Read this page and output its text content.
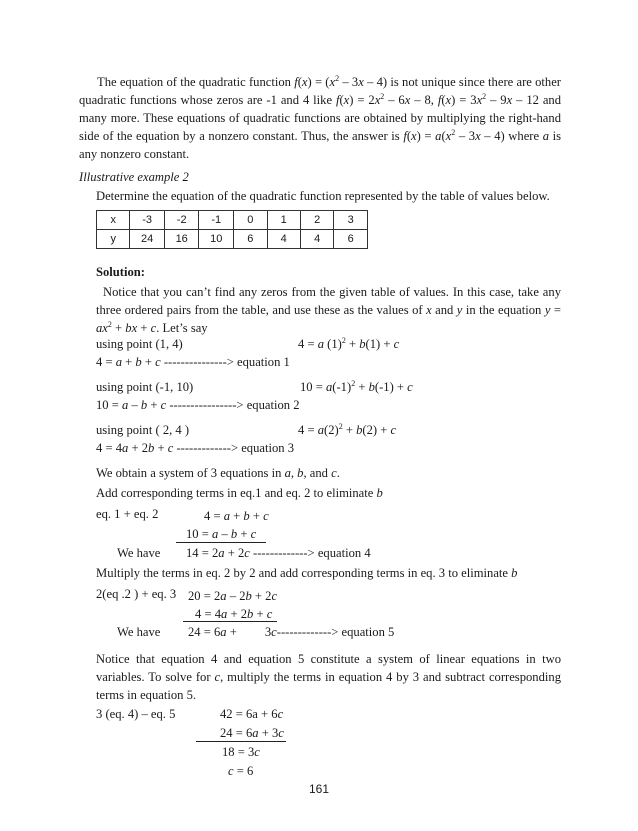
The equation of the quadratic function $f(x) = (x^2 - 3x - 4)$ is not unique since there are other quadratic functions whose zeros are -1 and 4 like $f(x) = 2x^2 - 6x - 8$, $f(x) = 3x^2 - 9x - 12$ and many more. These equations of quadratic functions are obtained by multiplying the right-hand side of the equation by a nonzero constant. Thus, the answer is $f(x) = a(x^2 - 3x - 4)$ where a is any nonzero constant.
Illustrative example 2
Determine the equation of the quadratic function represented by the table of values below.
x	-3	-2	-1	0	1	2	3
y	24	16	10	6	4	4	6
Solution:
Notice that you can’t find any zeros from the given table of values. In this case, take any three ordered pairs from the table, and use these as the values of x and y in the equation $y = ax^2$ + bx + c. Let’s say
using point (1, 4)	4 = a $(1)^2 + b(1) + c$
4 = a + b + c ---------------> equation 1
using point (-1, 10)	$10 = a(-1)^2 + b(-1) + c$
10 = a – b + c ----------------> equation 2
using point ( 2, 4 )	$4 = a(2)^2 + b(2) + c$
4 = 4a + 2b + c -------------> equation 3
We obtain a system of 3 equations in a, b, and c.
Add corresponding terms in eq.1 and eq. 2 to eliminate b
eq. 1 + eq. 2	4 = a + b + c
10 = a – b + c
We have 14 = 2a + 2c -------------> equation 4
Multiply the terms in eq. 2 by 2 and add corresponding terms in eq. 3 to eliminate b
2(eq .2 ) + eq. 3 20 = 2a – 2b + 2c
4 = 4a + 2b + c
We have 24 = 6a + 3c-------------> equation 5
Notice that equation 4 and equation 5 constitute a system of linear equations in two variables. To solve for c, multiply the terms in equation 4 by 3 and subtract corresponding terms in equation 5.
3 (eq. 4) – eq. 5	42 = 6a + 6c
24 = 6a + 3c
18 = 3c
c = 6
161
